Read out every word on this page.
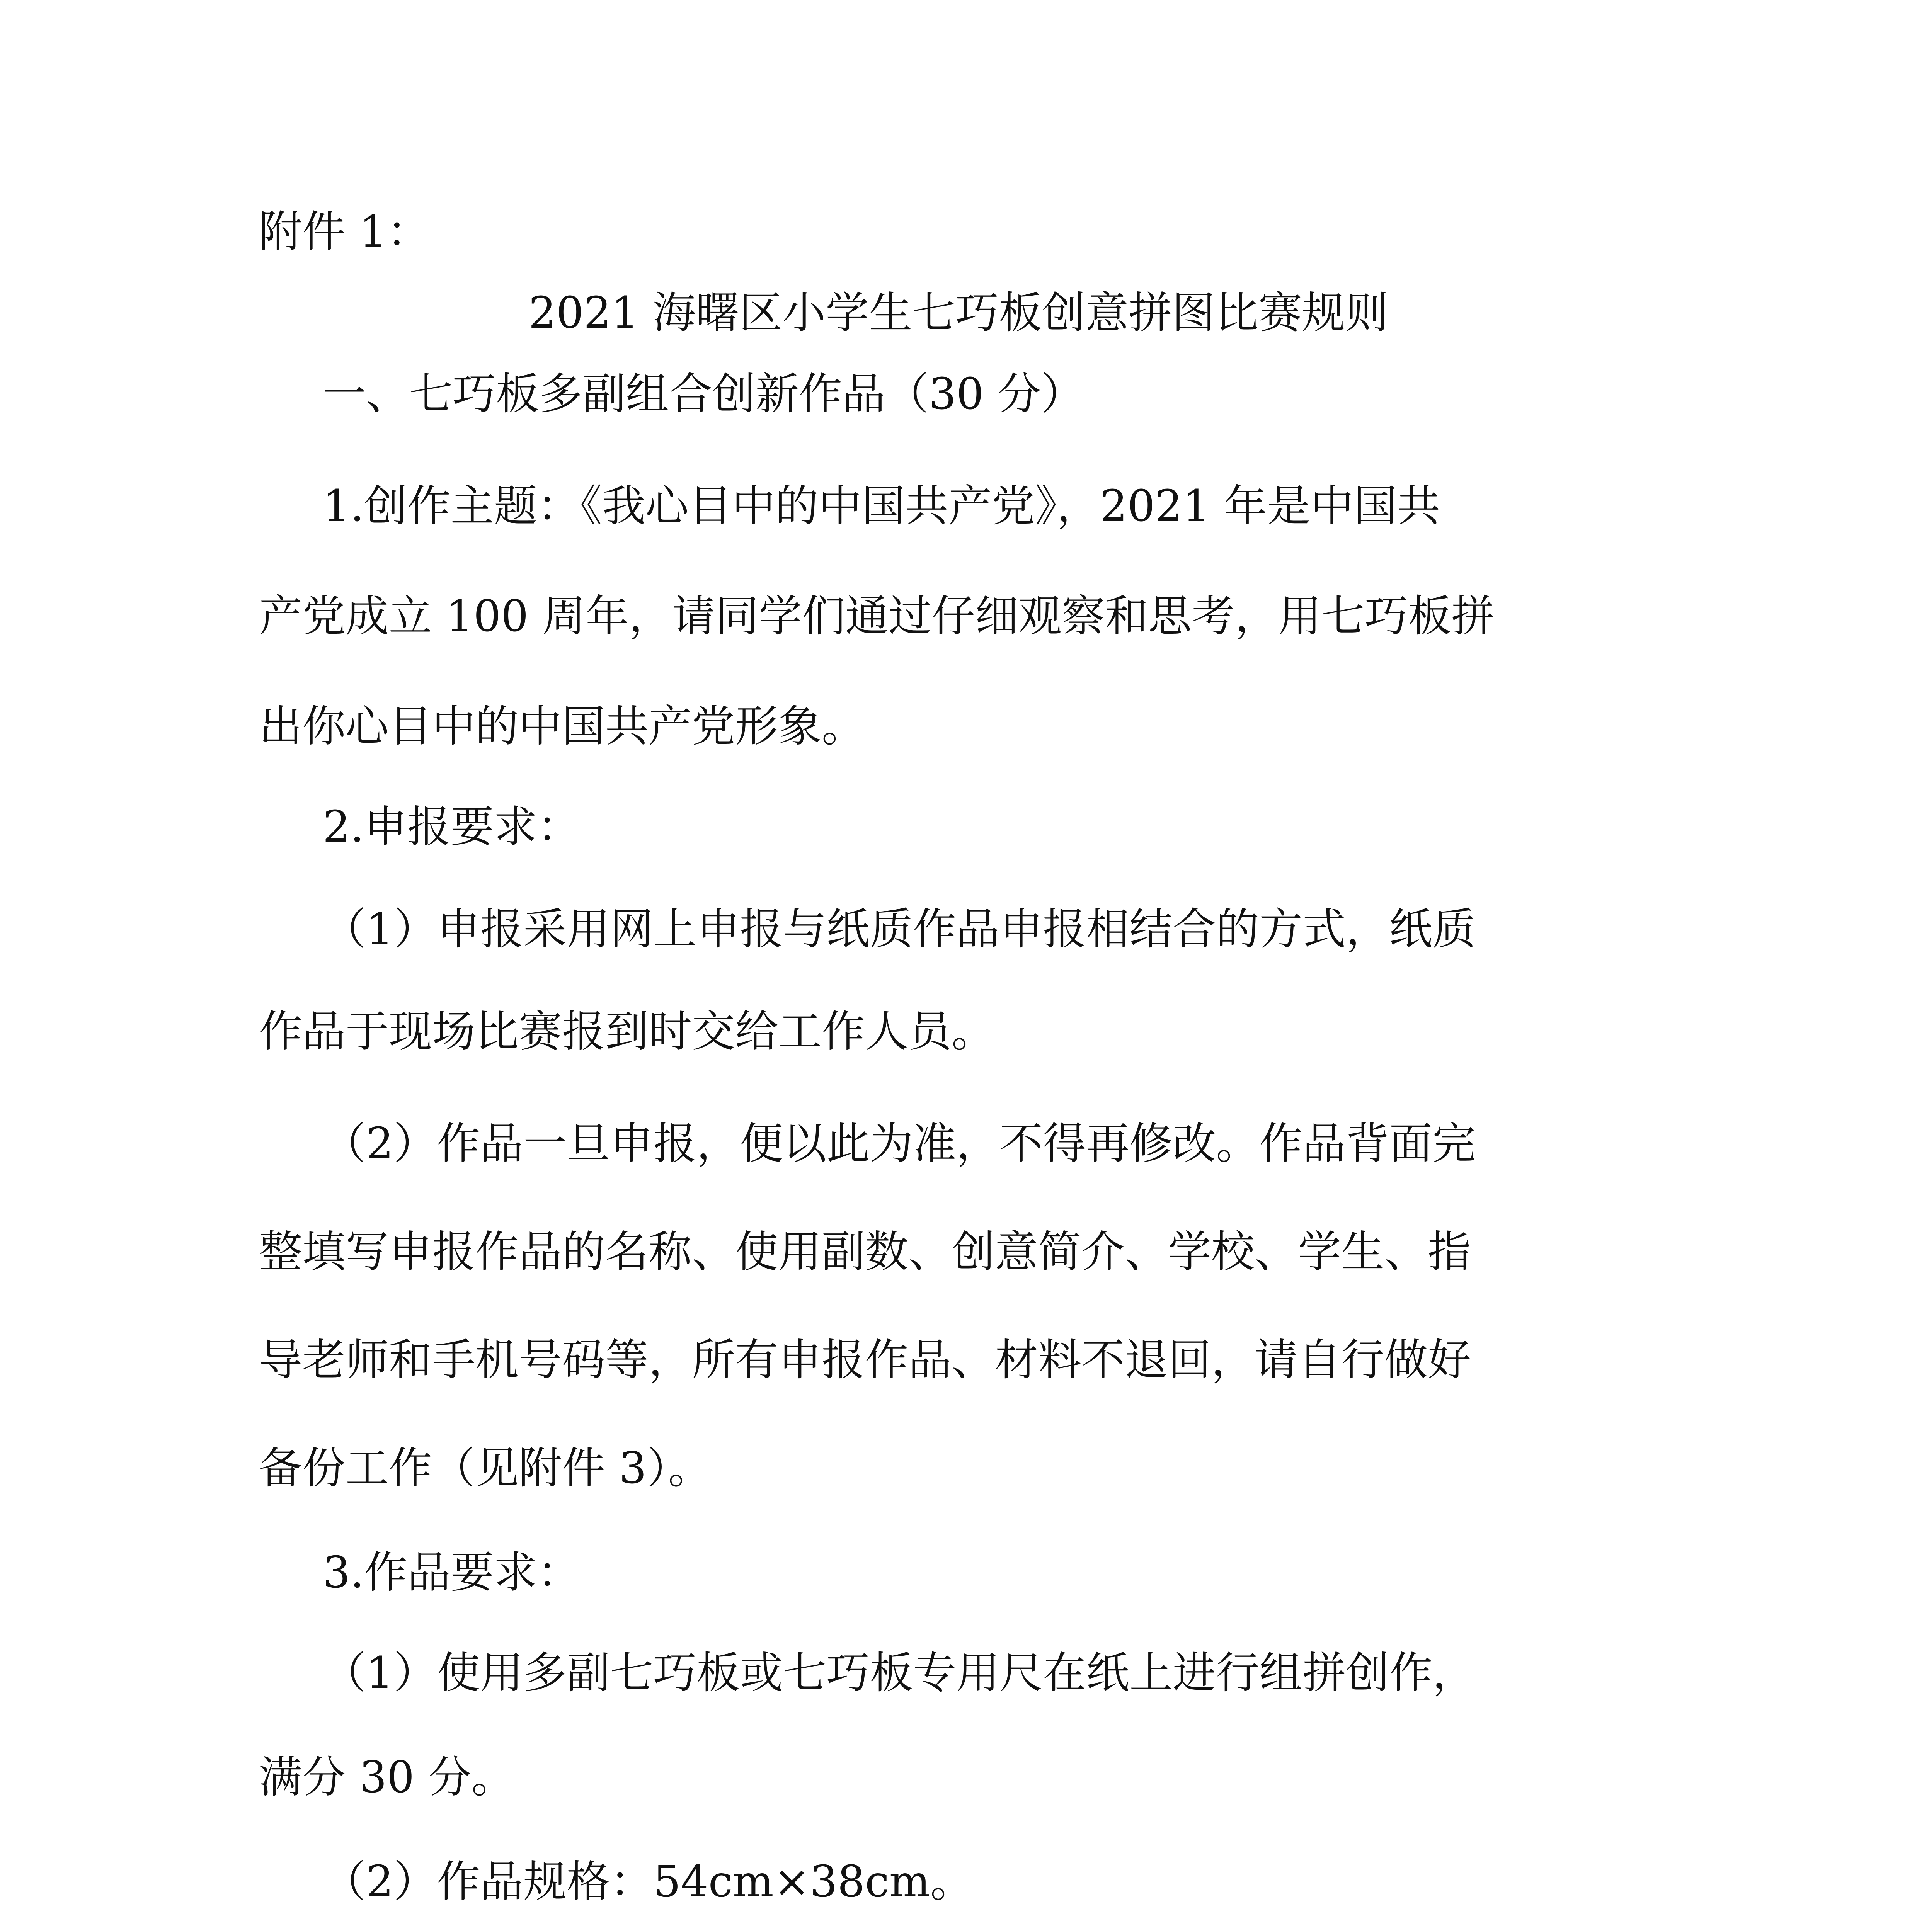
附件 1：
2021 海曙区小学生七巧板创意拼图比赛规则
一、七巧板多副组合创新作品（30 分）
1.创作主题：《我心目中的中国共产党》，2021 年是中国共
产党成立 100 周年，请同学们通过仔细观察和思考，用七巧板拼
出你心目中的中国共产党形象。
2.申报要求：
（1）申报采用网上申报与纸质作品申报相结合的方式，纸质
作品于现场比赛报到时交给工作人员。
（2）作品一旦申报，便以此为准，不得再修改。作品背面完
整填写申报作品的名称、使用副数、创意简介、学校、学生、指
导老师和手机号码等，所有申报作品、材料不退回，请自行做好
备份工作（见附件 3）。
3.作品要求：
（1）使用多副七巧板或七巧板专用尺在纸上进行组拼创作，
满分 30 分。
（2）作品规格：54cm×38cm。
